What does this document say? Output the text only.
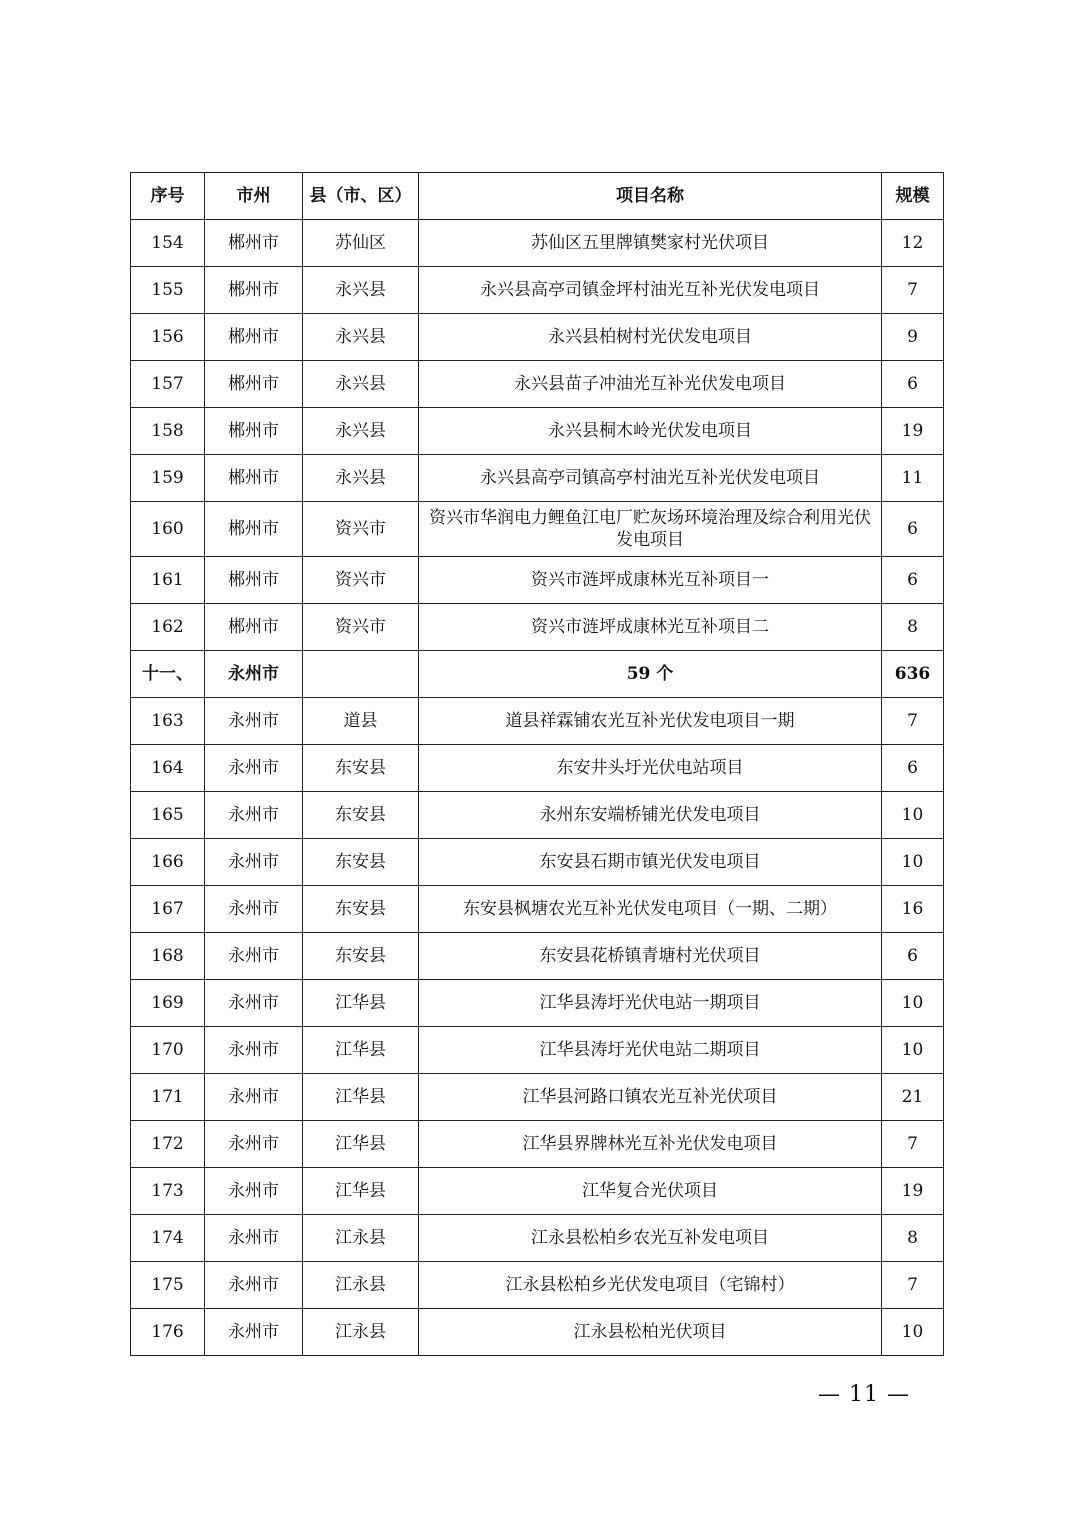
序号	市州	县（市、区）	项目名称	规模
154	郴州市	苏仙区	苏仙区五里牌镇樊家村光伏项目	12
155	郴州市	永兴县	永兴县高亭司镇金坪村油光互补光伏发电项目	7
156	郴州市	永兴县	永兴县柏树村光伏发电项目	9
157	郴州市	永兴县	永兴县苗子冲油光互补光伏发电项目	6
158	郴州市	永兴县	永兴县桐木岭光伏发电项目	19
159	郴州市	永兴县	永兴县高亭司镇高亭村油光互补光伏发电项目	11
160	郴州市	资兴市	资兴市华润电力鲤鱼江电厂贮灰场环境治理及综合利用光伏发电项目	6
161	郴州市	资兴市	资兴市涟坪成康林光互补项目一	6
162	郴州市	资兴市	资兴市涟坪成康林光互补项目二	8
十一、	永州市		59 个	636
163	永州市	道县	道县祥霖铺农光互补光伏发电项目一期	7
164	永州市	东安县	东安井头圩光伏电站项目	6
165	永州市	东安县	永州东安端桥铺光伏发电项目	10
166	永州市	东安县	东安县石期市镇光伏发电项目	10
167	永州市	东安县	东安县枫塘农光互补光伏发电项目（一期、二期）	16
168	永州市	东安县	东安县花桥镇青塘村光伏项目	6
169	永州市	江华县	江华县涛圩光伏电站一期项目	10
170	永州市	江华县	江华县涛圩光伏电站二期项目	10
171	永州市	江华县	江华县河路口镇农光互补光伏项目	21
172	永州市	江华县	江华县界牌林光互补光伏发电项目	7
173	永州市	江华县	江华复合光伏项目	19
174	永州市	江永县	江永县松柏乡农光互补发电项目	8
175	永州市	江永县	江永县松柏乡光伏发电项目（宅锦村）	7
176	永州市	江永县	江永县松柏光伏项目	10
— 11 —
